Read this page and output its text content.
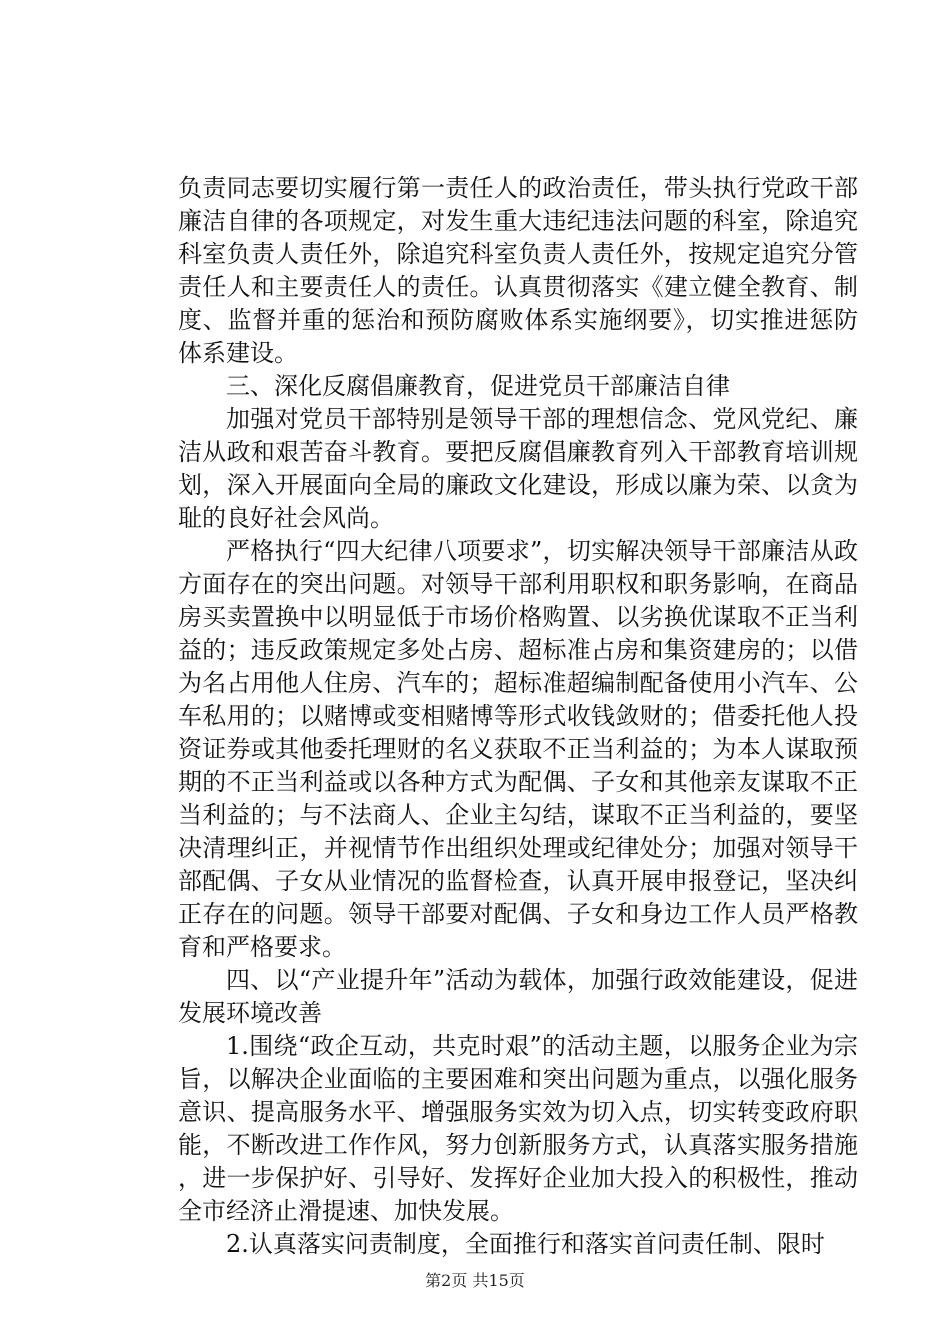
负责同志要切实履行第一责任人的政治责任，带头执行党政干部廉洁自律的各项规定，对发生重大违纪违法问题的科室，除追究科室负责人责任外，除追究科室负责人责任外，按规定追究分管责任人和主要责任人的责任。认真贯彻落实《建立健全教育、制度、监督并重的惩治和预防腐败体系实施纲要》，切实推进惩防体系建设。

三、深化反腐倡廉教育，促进党员干部廉洁自律

加强对党员干部特别是领导干部的理想信念、党风党纪、廉洁从政和艰苦奋斗教育。要把反腐倡廉教育列入干部教育培训规划，深入开展面向全局的廉政文化建设，形成以廉为荣、以贪为耻的良好社会风尚。

严格执行“四大纪律八项要求”，切实解决领导干部廉洁从政方面存在的突出问题。对领导干部利用职权和职务影响，在商品房买卖置换中以明显低于市场价格购置、以劣换优谋取不正当利益的；违反政策规定多处占房、超标准占房和集资建房的；以借为名占用他人住房、汽车的；超标准超编制配备使用小汽车、公车私用的；以赌博或变相赌博等形式收钱敛财的；借委托他人投资证券或其他委托理财的名义获取不正当利益的；为本人谋取预期的不正当利益或以各种方式为配偶、子女和其他亲友谋取不正当利益的；与不法商人、企业主勾结，谋取不正当利益的，要坚决清理纠正，并视情节作出组织处理或纪律处分；加强对领导干部配偶、子女从业情况的监督检查，认真开展申报登记，坚决纠正存在的问题。领导干部要对配偶、子女和身边工作人员严格教育和严格要求。

四、以“产业提升年”活动为载体，加强行政效能建设，促进发展环境改善

1.围绕“政企互动，共克时艰”的活动主题，以服务企业为宗旨，以解决企业面临的主要困难和突出问题为重点，以强化服务意识、提高服务水平、增强服务实效为切入点，切实转变政府职能，不断改进工作作风，努力创新服务方式，认真落实服务措施，进一步保护好、引导好、发挥好企业加大投入的积极性，推动全市经济止滑提速、加快发展。

2.认真落实问责制度，全面推行和落实首问责任制、限时

第2页 共15页
